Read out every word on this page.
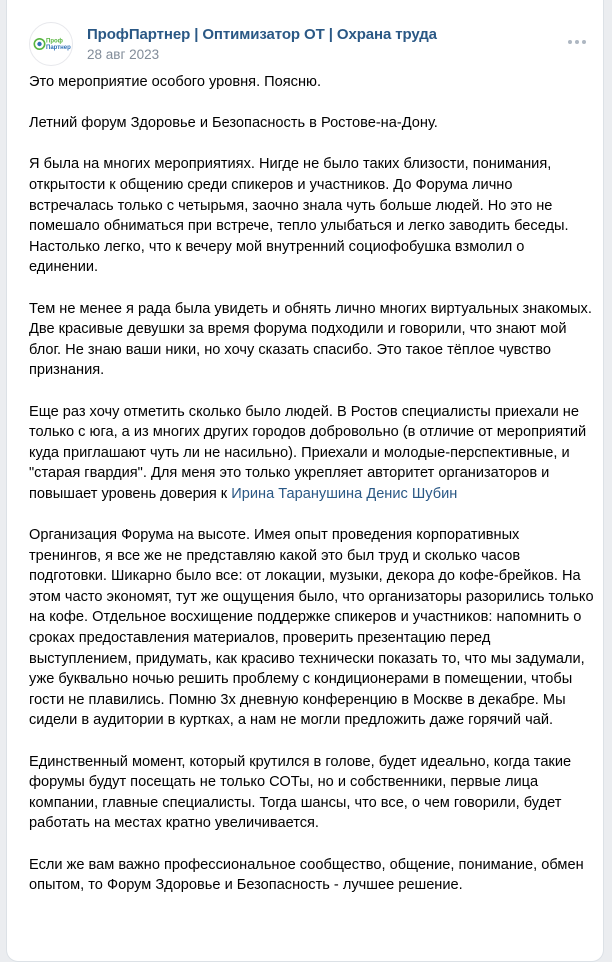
Проф
Партнер
ПрофПартнер | Оптимизатор ОТ | Охрана труда
28 авг 2023

Это мероприятие особого уровня. Поясню.

Летний форум Здоровье и Безопасность в Ростове-на-Дону.

Я была на многих мероприятиях. Нигде не было таких близости, понимания, открытости к общению среди спикеров и участников. До Форума лично встречалась только с четырьмя, заочно знала чуть больше людей. Но это не помешало обниматься при встрече, тепло улыбаться и легко заводить беседы. Настолько легко, что к вечеру мой внутренний социофобушка взмолил о единении.

Тем не менее я рада была увидеть и обнять лично многих виртуальных знакомых. Две красивые девушки за время форума подходили и говорили, что знают мой блог. Не знаю ваши ники, но хочу сказать спасибо. Это такое тёплое чувство признания.

Еще раз хочу отметить сколько было людей. В Ростов специалисты приехали не только с юга, а из многих других городов добровольно (в отличие от мероприятий куда приглашают чуть ли не насильно). Приехали и молодые-перспективные, и "старая гвардия". Для меня это только укрепляет авторитет организаторов и повышает уровень доверия к Ирина Таранушина Денис Шубин

Организация Форума на высоте. Имея опыт проведения корпоративных тренингов, я все же не представляю какой это был труд и сколько часов подготовки. Шикарно было все: от локации, музыки, декора до кофе-брейков. На этом часто экономят, тут же ощущения было, что организаторы разорились только на кофе. Отдельное восхищение поддержке спикеров и участников: напомнить о сроках предоставления материалов, проверить презентацию перед выступлением, придумать, как красиво технически показать то, что мы задумали, уже буквально ночью решить проблему с кондиционерами в помещении, чтобы гости не плавились. Помню 3х дневную конференцию в Москве в декабре. Мы сидели в аудитории в куртках, а нам не могли предложить даже горячий чай.

Единственный момент, который крутился в голове, будет идеально, когда такие форумы будут посещать не только СОТы, но и собственники, первые лица компании, главные специалисты. Тогда шансы, что все, о чем говорили, будет работать на местах кратно увеличивается.

Если же вам важно профессиональное сообщество, общение, понимание, обмен опытом, то Форум Здоровье и Безопасность - лучшее решение.
